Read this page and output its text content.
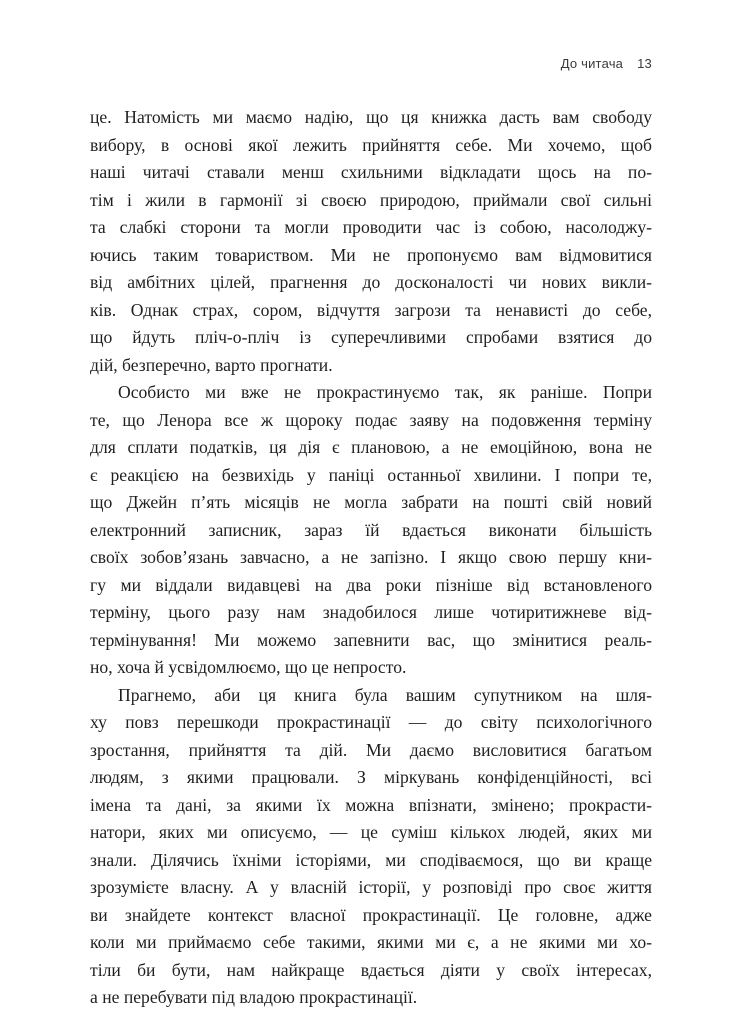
До читача 13
це. Натомість ми маємо надію, що ця книжка дасть вам свободу
вибору, в основі якої лежить прийняття себе. Ми хочемо, щоб
наші читачі ставали менш схильними відкладати щось на по-
тім і жили в гармонії зі своєю природою, приймали свої сильні
та слабкі сторони та могли проводити час із собою, насолоджу-
ючись таким товариством. Ми не пропонуємо вам відмовитися
від амбітних цілей, прагнення до досконалості чи нових викли-
ків. Однак страх, сором, відчуття загрози та ненависті до себе,
що йдуть пліч-о-пліч із суперечливими спробами взятися до
дій, безперечно, варто прогнати.
Особисто ми вже не прокрастинуємо так, як раніше. Попри
те, що Ленора все ж щороку подає заяву на подовження терміну
для сплати податків, ця дія є плановою, а не емоційною, вона не
є реакцією на безвихідь у паніці останньої хвилини. І попри те,
що Джейн п’ять місяців не могла забрати на пошті свій новий
електронний записник, зараз їй вдається виконати більшість
своїх зобов’язань завчасно, а не запізно. І якщо свою першу кни-
гу ми віддали видавцеві на два роки пізніше від встановленого
терміну, цього разу нам знадобилося лише чотиритижневе від-
термінування! Ми можемо запевнити вас, що змінитися реаль-
но, хоча й усвідомлюємо, що це непросто.
Прагнемо, аби ця книга була вашим супутником на шля-
ху повз перешкоди прокрастинації — до світу психологічного
зростання, прийняття та дій. Ми даємо висловитися багатьом
людям, з якими працювали. З міркувань конфіденційності, всі
імена та дані, за якими їх можна впізнати, змінено; прокрасти-
натори, яких ми описуємо, — це суміш кількох людей, яких ми
знали. Ділячись їхніми історіями, ми сподіваємося, що ви краще
зрозумієте власну. А у власній історії, у розповіді про своє життя
ви знайдете контекст власної прокрастинації. Це головне, адже
коли ми приймаємо себе такими, якими ми є, а не якими ми хо-
тіли би бути, нам найкраще вдається діяти у своїх інтересах,
а не перебувати під владою прокрастинації.
